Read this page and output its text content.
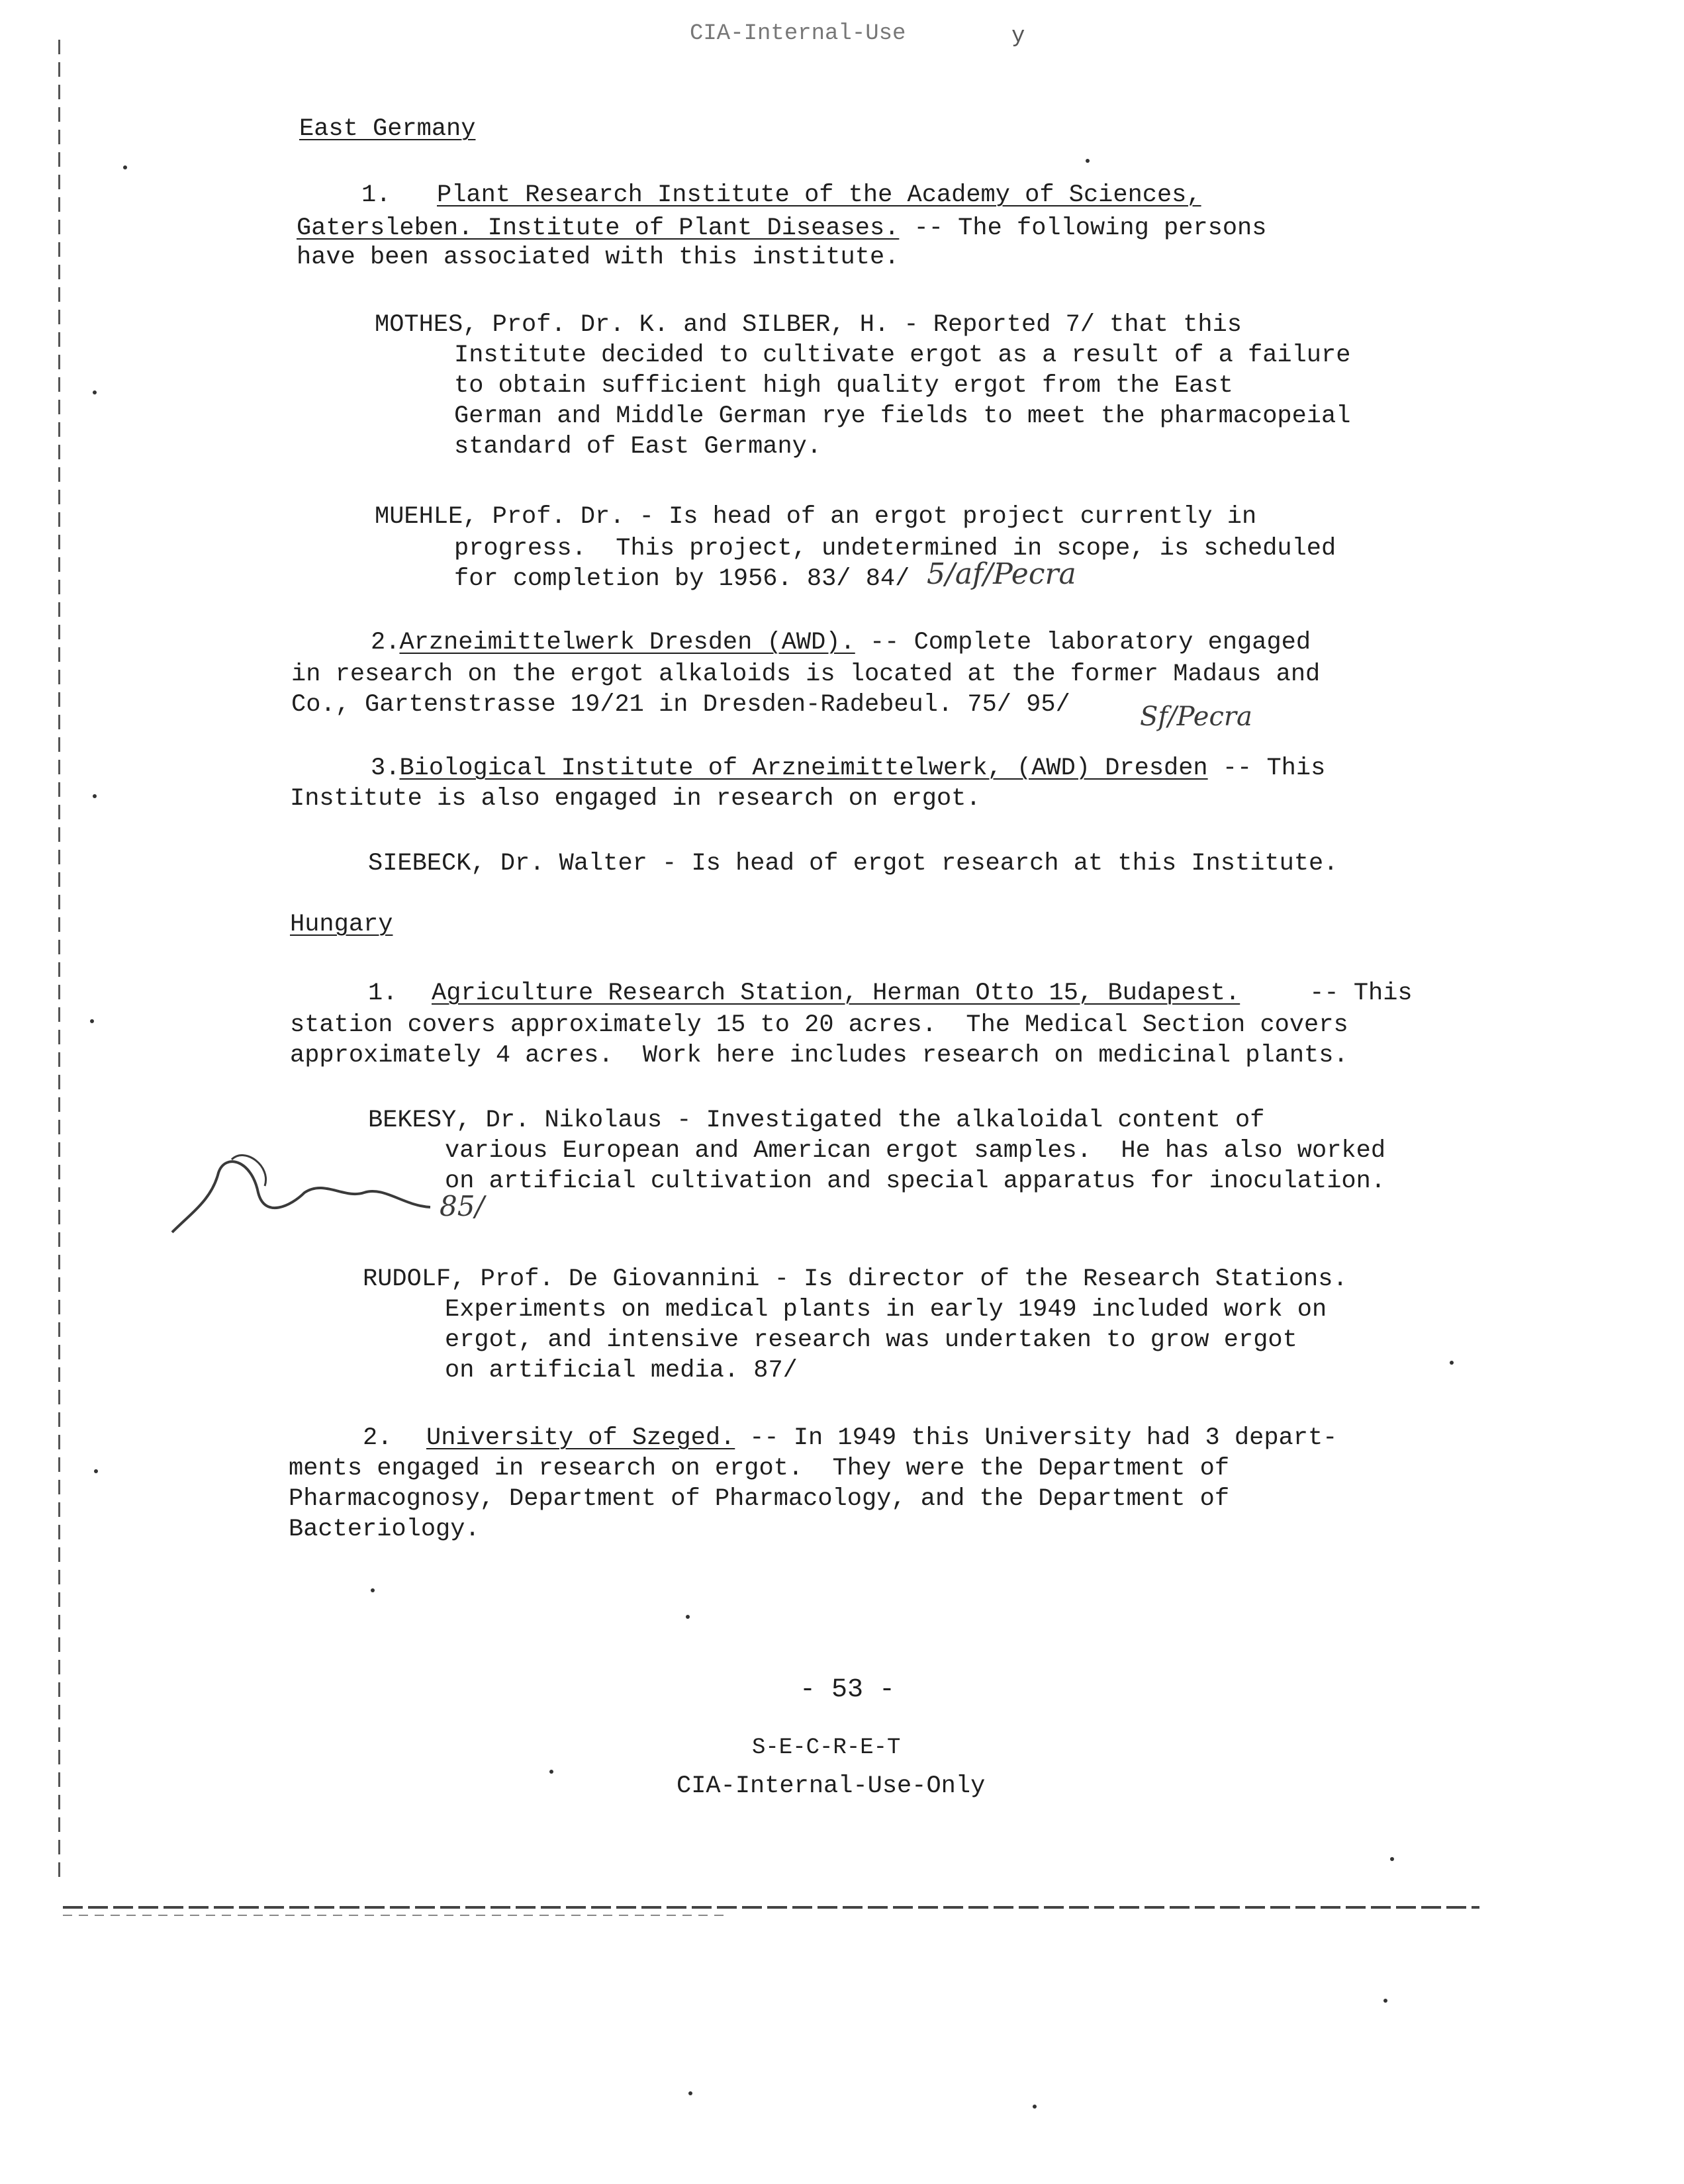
CIA-Internal-Use	y

East Germany

1. Plant Research Institute of the Academy of Sciences,

Gatersleben. Institute of Plant Diseases. -- The following persons

have been associated with this institute.

MOTHES, Prof. Dr. K. and SILBER, H. - Reported 7/ that this

Institute decided to cultivate ergot as a result of a failure

to obtain sufficient high quality ergot from the East

German and Middle German rye fields to meet the pharmacopeial

standard of East Germany.

MUEHLE, Prof. Dr. - Is head of an ergot project currently in

progress.  This project, undetermined in scope, is scheduled

for completion by 1956. 83/ 84/ 5/af/Pecra

2. Arzneimittelwerk Dresden (AWD). -- Complete laboratory engaged

in research on the ergot alkaloids is located at the former Madaus and

Co., Gartenstrasse 19/21 in Dresden-Radebeul. 75/ 95/	Sf/Pecra

3. Biological Institute of Arzneimittelwerk, (AWD) Dresden -- This

Institute is also engaged in research on ergot.

SIEBECK, Dr. Walter - Is head of ergot research at this Institute.

Hungary

1. Agriculture Research Station, Herman Otto 15, Budapest. -- This

station covers approximately 15 to 20 acres.  The Medical Section covers

approximately 4 acres.  Work here includes research on medicinal plants.

BEKESY, Dr. Nikolaus - Investigated the alkaloidal content of

various European and American ergot samples.  He has also worked

on artificial cultivation and special apparatus for inoculation.

85/

RUDOLF, Prof. De Giovannini - Is director of the Research Stations.

Experiments on medical plants in early 1949 included work on

ergot, and intensive research was undertaken to grow ergot

on artificial media. 87/

2. University of Szeged. -- In 1949 this University had 3 depart-

ments engaged in research on ergot.  They were the Department of

Pharmacognosy, Department of Pharmacology, and the Department of

Bacteriology.

- 53 -

S-E-C-R-E-T

CIA-Internal-Use-Only
